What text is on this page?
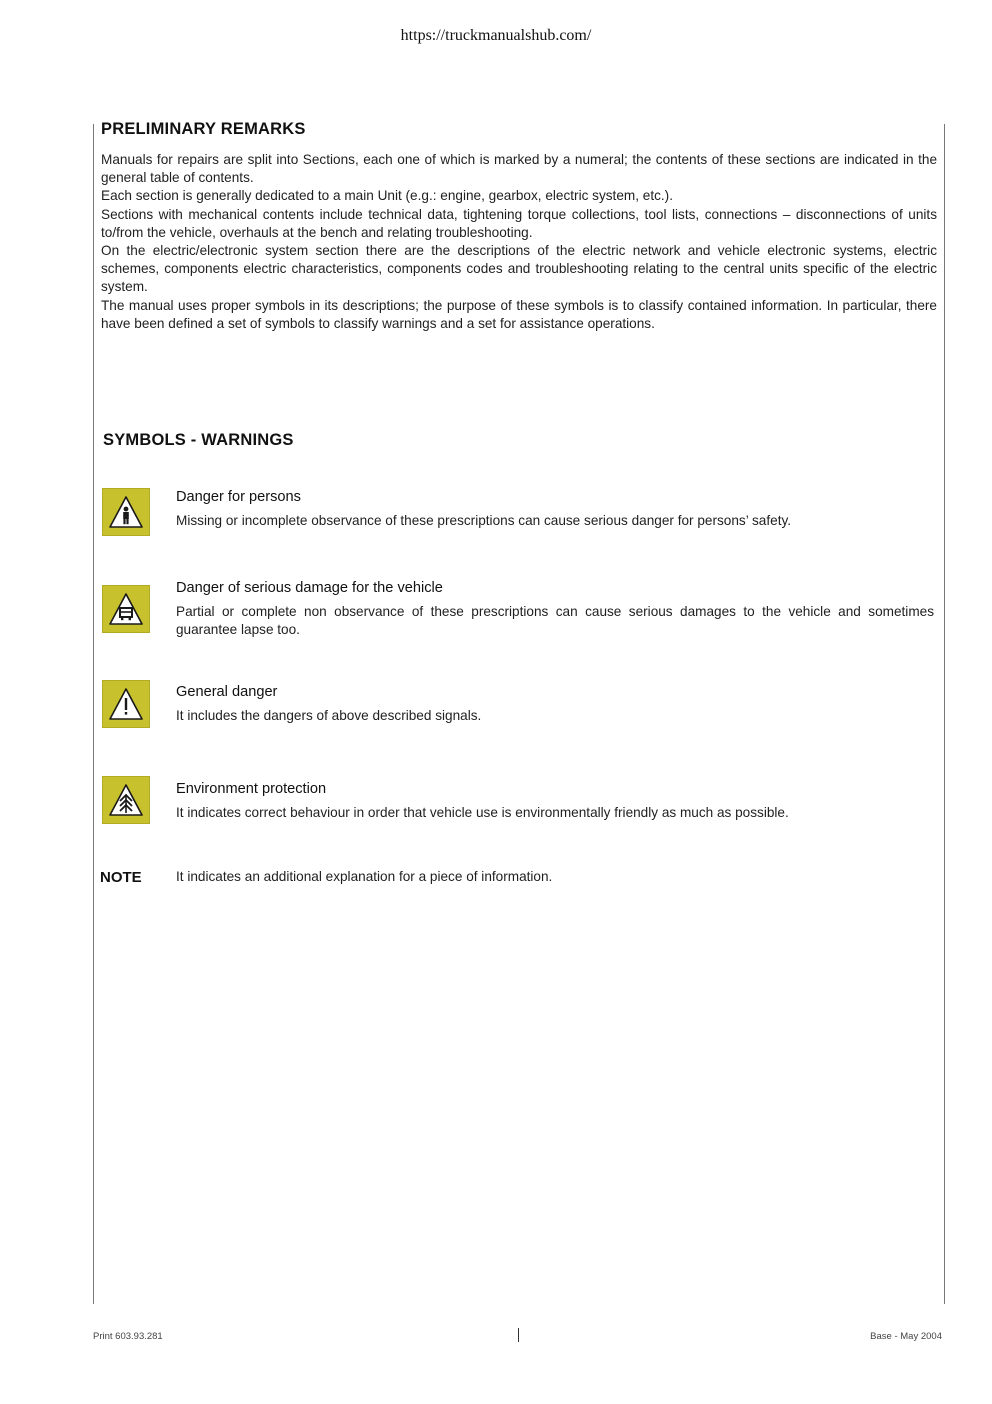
https://truckmanualshub.com/
PRELIMINARY REMARKS

Manuals for repairs are split into Sections, each one of which is marked by a numeral; the contents of these sections are indicated in the general table of contents.

Each section is generally dedicated to a main Unit (e.g.: engine, gearbox, electric system, etc.).

Sections with mechanical contents include technical data, tightening torque collections, tool lists, connections – disconnections of units to/from the vehicle, overhauls at the bench and relating troubleshooting.

On the electric/electronic system section there are the descriptions of the electric network and vehicle electronic systems, electric schemes, components electric characteristics, components codes and troubleshooting relating to the central units specific of the electric system.

The manual uses proper symbols in its descriptions; the purpose of these symbols is to classify contained information. In particular, there have been defined a set of symbols to classify warnings and a set for assistance operations.

SYMBOLS - WARNINGS
Danger for persons
Missing or incomplete observance of these prescriptions can cause serious danger for persons’ safety.
Danger of serious damage for the vehicle
Partial or complete non observance of these prescriptions can cause serious damages to the vehicle and sometimes guarantee lapse too.
General danger
It includes the dangers of above described signals.
Environment protection
It indicates correct behaviour in order that vehicle use is environmentally friendly as much as possible.
NOTE	It indicates an additional explanation for a piece of information.
Print 603.93.281	Base - May 2004
